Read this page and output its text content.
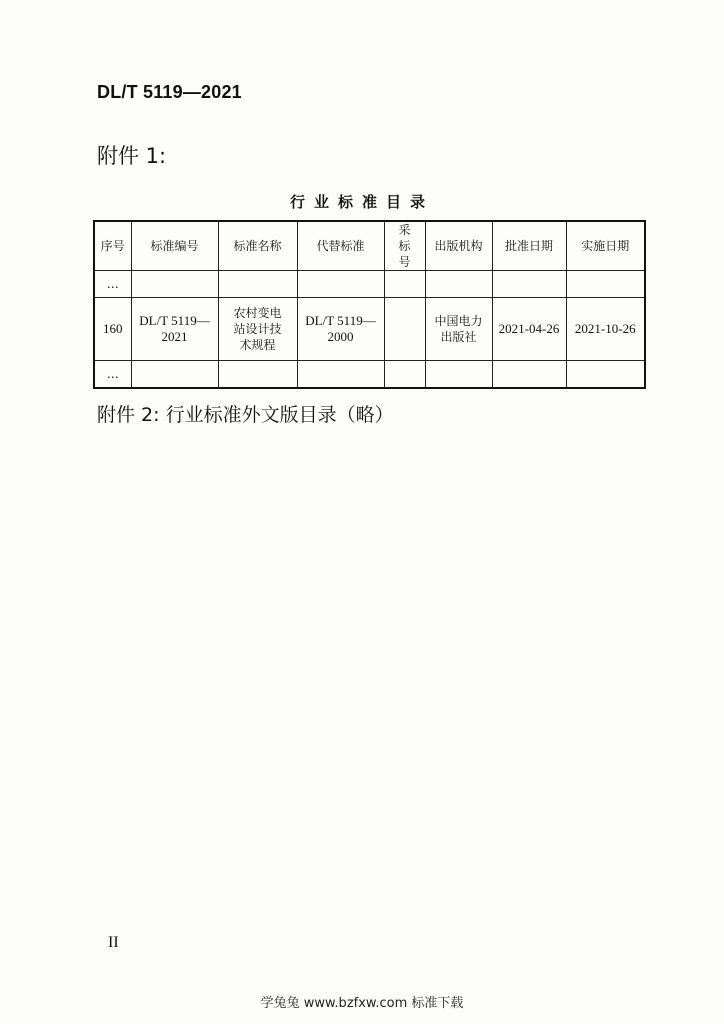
DL/T 5119—2021
附件 1:
行业标准目录
序号	标准编号	标准名称	代替标准	采标号	出版机构	批准日期	实施日期
…							
160	DL/T 5119—2021	农村变电站设计技术规程	DL/T 5119—2000		中国电力出版社	2021-04-26	2021-10-26
…							
附件 2: 行业标准外文版目录（略）
II
学兔兔 www.bzfxw.com 标准下载
